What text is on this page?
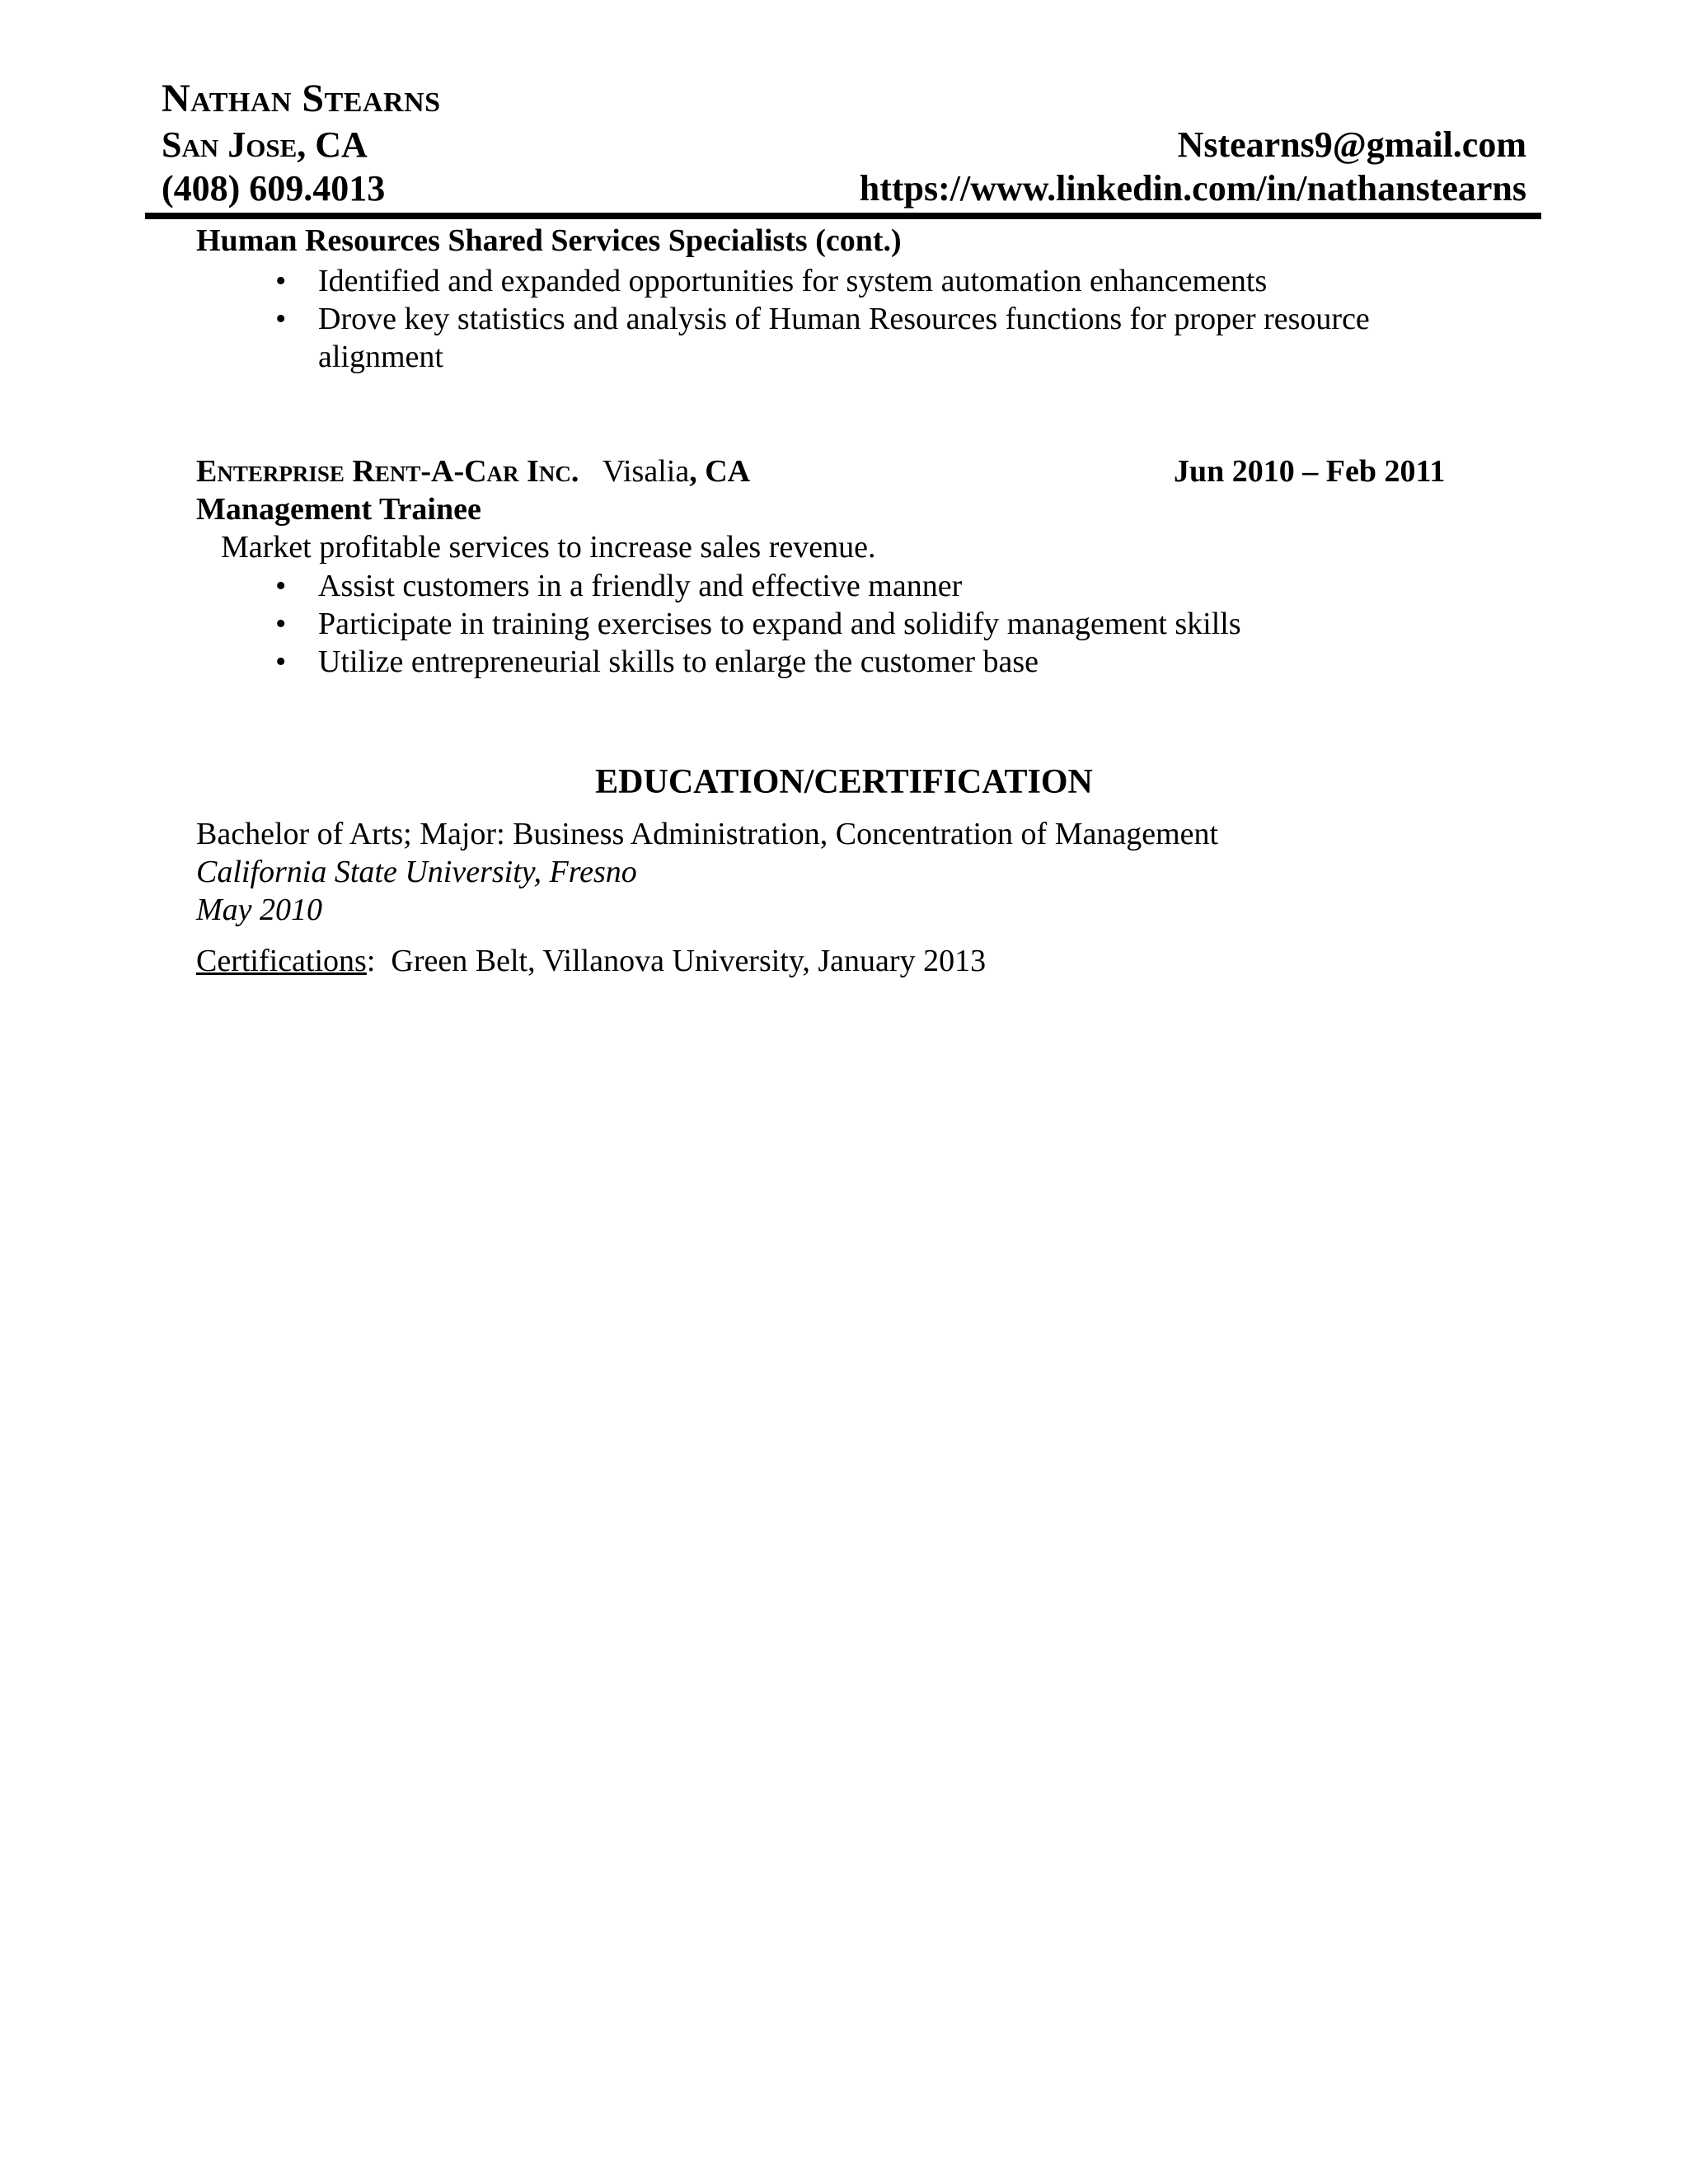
Nathan Stearns
San Jose, CA
(408) 609.4013
Nstearns9@gmail.com
https://www.linkedin.com/in/nathanstearns
Human Resources Shared Services Specialists (cont.)
• Identified and expanded opportunities for system automation enhancements
• Drove key statistics and analysis of Human Resources functions for proper resource
alignment
Enterprise Rent-A-Car Inc. Visalia, CA	Jun 2010 – Feb 2011
Management Trainee
Market profitable services to increase sales revenue.
• Assist customers in a friendly and effective manner
• Participate in training exercises to expand and solidify management skills
• Utilize entrepreneurial skills to enlarge the customer base
EDUCATION/CERTIFICATION
Bachelor of Arts; Major: Business Administration, Concentration of Management
California State University, Fresno
May 2010
Certifications: Green Belt, Villanova University, January 2013
